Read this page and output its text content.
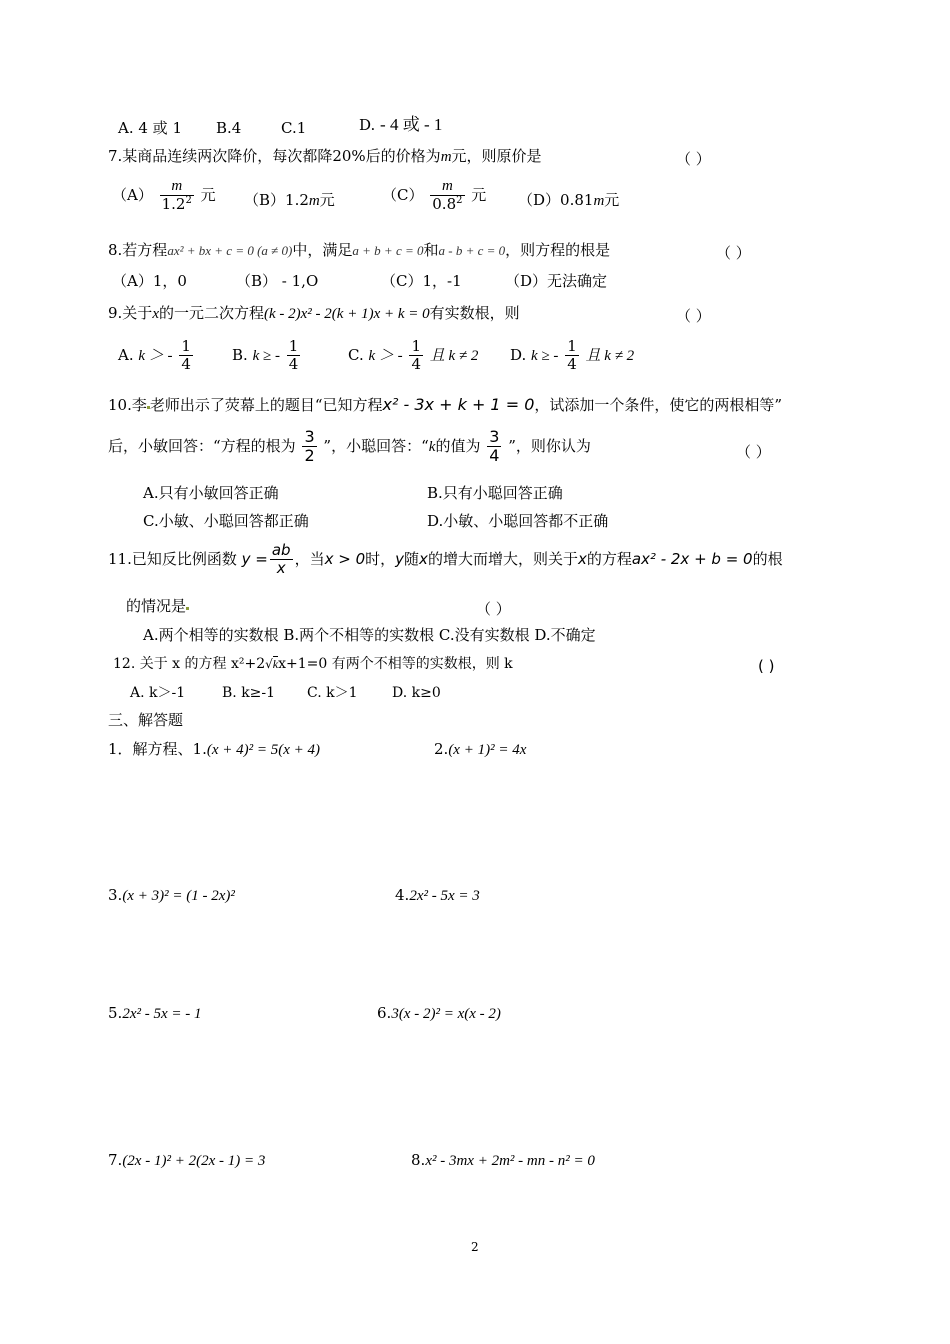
A. 4 或 1 B.4	C.1	D. - 4 或 - 1
7.某商品连续两次降价，每次都降20%后的价格为m元，则原价是	（ ）
$(A) \frac{m}{1.2^2}$ 元 （B）1.2m元	$(C) \frac{m}{0.8^2}$ 元 （D）0.81m元
8.若方程ax² + bx + c = 0 (a ≠ 0)中，满足a + b + c = 0和a - b + c = 0，则方程的根是	（ ）
（A）1，0	（B） - 1,O	（C）1，-1	（D）无法确定
9.关于x的一元二次方程(k - 2)x² - 2(k + 1)x + k = 0有实数根，则	（ ）
A. k ＞ - $\frac{1}{4}$	B. k ≥ - $\frac{1}{4}$	C. k ＞ - $\frac{1}{4}$ 且 k ≠ 2 D. k ≥ - $\frac{1}{4}$ 且 k ≠ 2
10.李 老师出示了荧幕上的题目“已知方程x² - 3x + k + 1 = 0，试添加一个条件，使它的两根相等”
后，小敏回答：“方程的根为 $\frac{3}{2}$ ”，小聪回答：“k的值为 $\frac{3}{4}$ ”，则你认为	（ ）
A.只有小敏回答正确	B.只有小聪回答正确
C.小敏、小聪回答都正确	D.小敏、小聪回答都不正确
11.已知反比例函数 $y = \frac{ab}{x}$ ，当x > 0时，y随x的增大而增大，则关于x的方程ax² - 2x + b = 0的根
的情况是	（ ）
A.两个相等的实数根 B.两个不相等的实数根 C.没有实数根 D.不确定
12. 关于 x 的方程 x²+2√kx+1=0 有两个不相等的实数根，则 k	( )
A. k＞-1	B. k≥-1 C. k＞1 D. k≥0
三、解答题
1．解方程、1.(x + 4)² = 5(x + 4)	2.(x + 1)² = 4x
3.(x + 3)² = (1 - 2x)²	4.2x² - 5x = 3
5.2x² - 5x = - 1	6.3(x - 2)² = x(x - 2)
7.(2x - 1)² + 2(2x - 1) = 3	8.x² - 3mx + 2m² - mn - n² = 0
2
